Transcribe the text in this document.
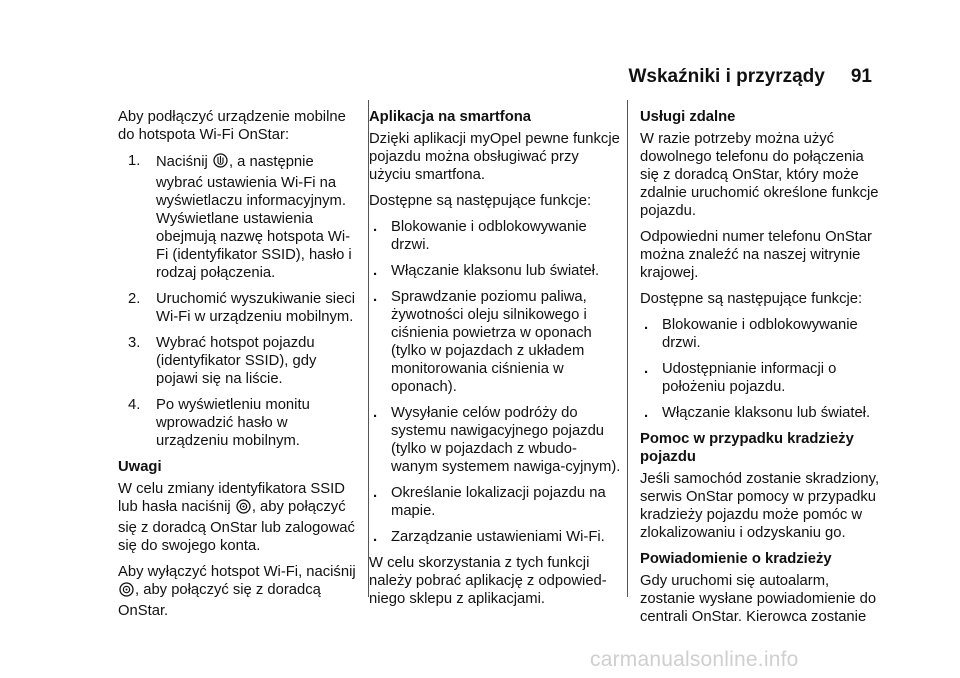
Wskaźniki i przyrządy 91

Aby podłączyć urządzenie mobilne do hotspota Wi-Fi OnStar:

1. Naciśnij , a następnie wybrać ustawienia Wi-Fi na wyświetlaczu informacyjnym. Wyświetlane ustawienia obejmują nazwę hotspota Wi-Fi (identyfikator SSID), hasło i rodzaj połączenia.
2. Uruchomić wyszukiwanie sieci Wi-Fi w urządzeniu mobilnym.
3. Wybrać hotspot pojazdu (identyfikator SSID), gdy pojawi się na liście.
4. Po wyświetleniu monitu wprowadzić hasło w urządzeniu mobilnym.

Uwagi

W celu zmiany identyfikatora SSID lub hasła naciśnij , aby połączyć się z doradcą OnStar lub zalogować się do swojego konta.

Aby wyłączyć hotspot Wi-Fi, naciśnij , aby połączyć się z doradcą OnStar.

Aplikacja na smartfona

Dzięki aplikacji myOpel pewne funkcje pojazdu można obsługiwać przy użyciu smartfona.

Dostępne są następujące funkcje:

. Blokowanie i odblokowywanie drzwi.
. Włączanie klaksonu lub świateł.
. Sprawdzanie poziomu paliwa, żywotności oleju silnikowego i ciśnienia powietrza w oponach (tylko w pojazdach z układem monitorowania ciśnienia w oponach).
. Wysyłanie celów podróży do systemu nawigacyjnego pojazdu (tylko w pojazdach z wbudo-wanym systemem nawiga-cyjnym).
. Określanie lokalizacji pojazdu na mapie.
. Zarządzanie ustawieniami Wi-Fi.

W celu skorzystania z tych funkcji należy pobrać aplikację z odpowied-niego sklepu z aplikacjami.

Usługi zdalne

W razie potrzeby można użyć dowolnego telefonu do połączenia się z doradcą OnStar, który może zdalnie uruchomić określone funkcje pojazdu.

Odpowiedni numer telefonu OnStar można znaleźć na naszej witrynie krajowej.

Dostępne są następujące funkcje:

. Blokowanie i odblokowywanie drzwi.
. Udostępnianie informacji o położeniu pojazdu.
. Włączanie klaksonu lub świateł.

Pomoc w przypadku kradzieży pojazdu

Jeśli samochód zostanie skradziony, serwis OnStar pomocy w przypadku kradzieży pojazdu może pomóc w zlokalizowaniu i odzyskaniu go.

Powiadomienie o kradzieży

Gdy uruchomi się autoalarm, zostanie wysłane powiadomienie do centrali OnStar. Kierowca zostanie

carmanualsonline.info
